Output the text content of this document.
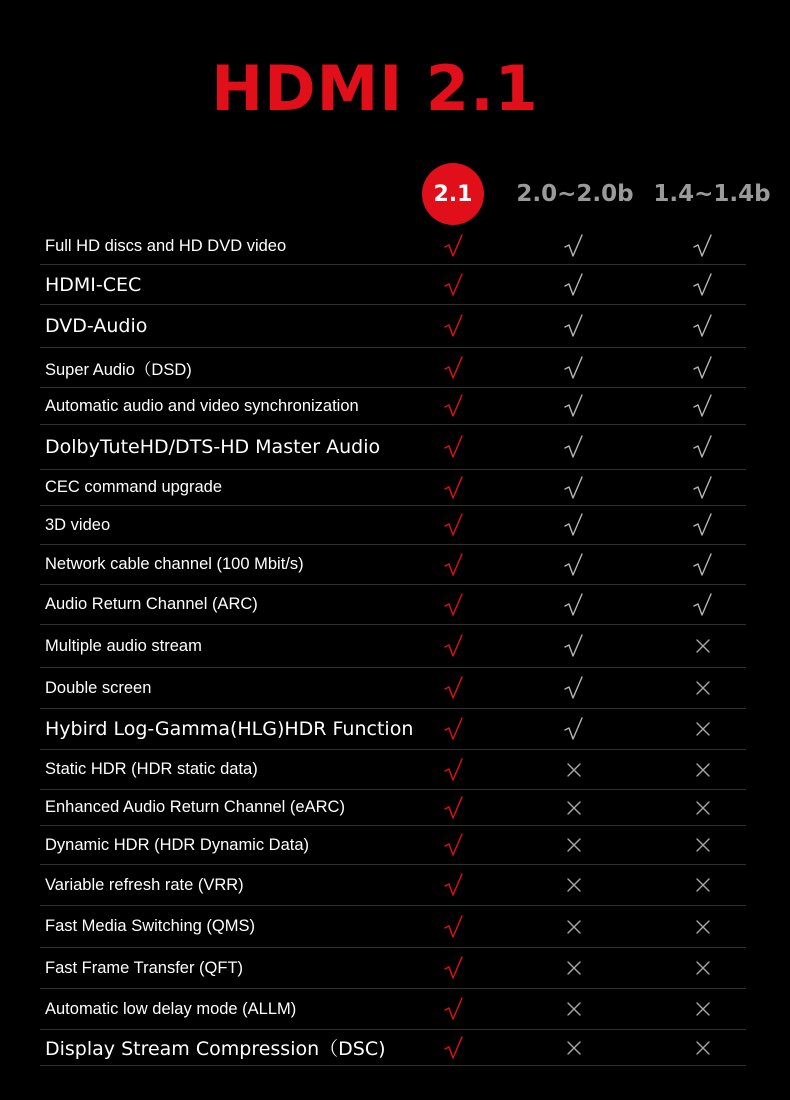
HDMI 2.1
2.1	2.0~2.0b 1.4~1.4b
Full HD discs and HD DVD video
HDMI-CEC
DVD-Audio
Super Audio（DSD)
Automatic audio and video synchronization
DolbyTuteHD/DTS-HD Master Audio
CEC command upgrade
3D video
Network cable channel (100 Mbit/s)
Audio Return Channel (ARC)
Multiple audio stream
Double screen
Hybird Log-Gamma(HLG)HDR Function
Static HDR (HDR static data)
Enhanced Audio Return Channel (eARC)
Dynamic HDR (HDR Dynamic Data)
Variable refresh rate (VRR)
Fast Media Switching (QMS)
Fast Frame Transfer (QFT)
Automatic low delay mode (ALLM)
Display Stream Compression（DSC)
